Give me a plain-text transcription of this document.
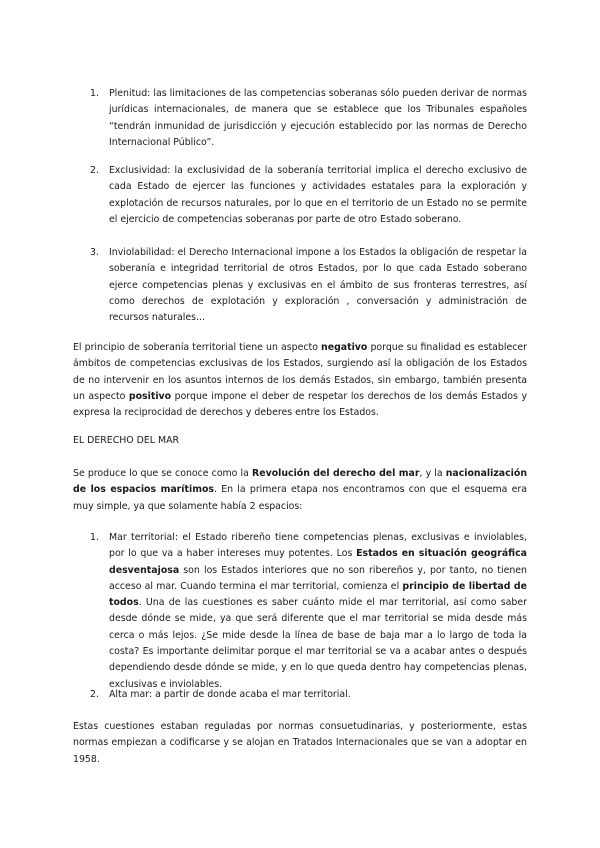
1. Plenitud: las limitaciones de las competencias soberanas sólo pueden derivar de normas jurídicas internacionales, de manera que se establece que los Tribunales españoles “tendrán inmunidad de jurisdicción y ejecución establecido por las normas de Derecho Internacional Público”.
2. Exclusividad: la exclusividad de la soberanía territorial implica el derecho exclusivo de cada Estado de ejercer las funciones y actividades estatales para la exploración y explotación de recursos naturales, por lo que en el territorio de un Estado no se permite el ejercicio de competencias soberanas por parte de otro Estado soberano.
3. Inviolabilidad: el Derecho Internacional impone a los Estados la obligación de respetar la soberanía e integridad territorial de otros Estados, por lo que cada Estado soberano ejerce competencias plenas y exclusivas en el ámbito de sus fronteras terrestres, así como derechos de explotación y exploración , conversación y administración de recursos naturales...
El principio de soberanía territorial tiene un aspecto negativo porque su finalidad es establecer ámbitos de competencias exclusivas de los Estados, surgiendo así la obligación de los Estados de no intervenir en los asuntos internos de los demás Estados, sin embargo, también presenta un aspecto positivo porque impone el deber de respetar los derechos de los demás Estados y expresa la reciprocidad de derechos y deberes entre los Estados.
EL DERECHO DEL MAR
Se produce lo que se conoce como la Revolución del derecho del mar, y la nacionalización de los espacios marítimos. En la primera etapa nos encontramos con que el esquema era muy simple, ya que solamente había 2 espacios:
1. Mar territorial: el Estado ribereño tiene competencias plenas, exclusivas e inviolables, por lo que va a haber intereses muy potentes. Los Estados en situación geográfica desventajosa son los Estados interiores que no son ribereños y, por tanto, no tienen acceso al mar. Cuando termina el mar territorial, comienza el principio de libertad de todos. Una de las cuestiones es saber cuánto mide el mar territorial, así como saber desde dónde se mide, ya que será diferente que el mar territorial se mida desde más cerca o más lejos. ¿Se mide desde la línea de base de baja mar a lo largo de toda la costa? Es importante delimitar porque el mar territorial se va a acabar antes o después dependiendo desde dónde se mide, y en lo que queda dentro hay competencias plenas, exclusivas e inviolables.
2. Alta mar: a partir de donde acaba el mar territorial.
Estas cuestiones estaban reguladas por normas consuetudinarias, y posteriormente, estas normas empiezan a codificarse y se alojan en Tratados Internacionales que se van a adoptar en 1958.
